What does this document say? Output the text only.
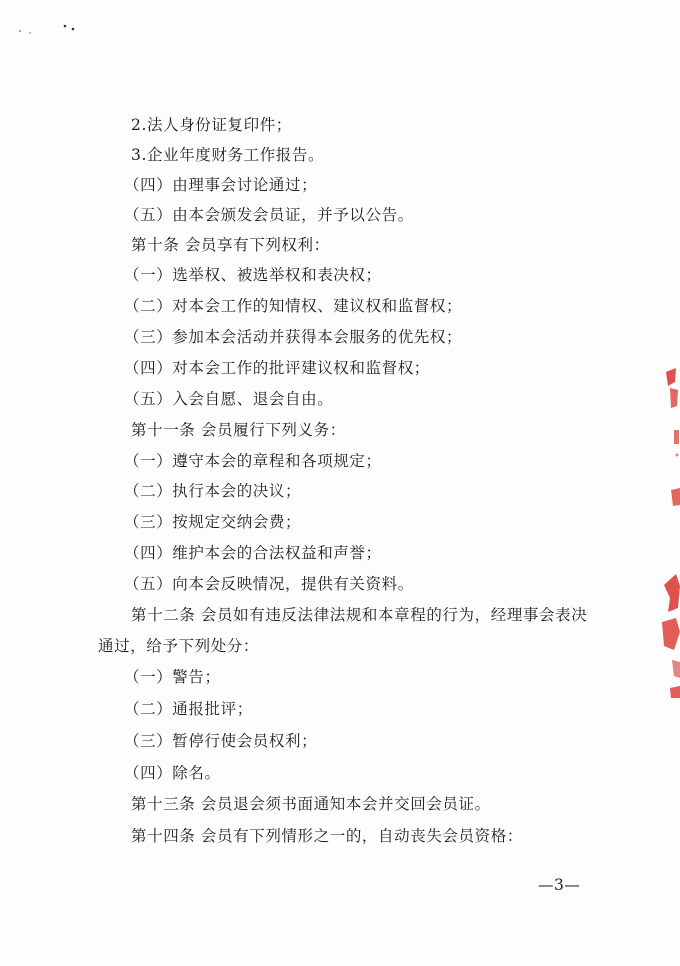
2.法人身份证复印件；
3.企业年度财务工作报告。
（四）由理事会讨论通过；
（五）由本会颁发会员证，并予以公告。
第十条 会员享有下列权利：
（一）选举权、被选举权和表决权；
（二）对本会工作的知情权、建议权和监督权；
（三）参加本会活动并获得本会服务的优先权；
（四）对本会工作的批评建议权和监督权；
（五）入会自愿、退会自由。
第十一条 会员履行下列义务：
（一）遵守本会的章程和各项规定；
（二）执行本会的决议；
（三）按规定交纳会费；
（四）维护本会的合法权益和声誉；
（五）向本会反映情况，提供有关资料。
第十二条 会员如有违反法律法规和本章程的行为，经理事会表决
通过，给予下列处分：
（一）警告；
（二）通报批评；
（三）暂停行使会员权利；
（四）除名。
第十三条 会员退会须书面通知本会并交回会员证。
第十四条 会员有下列情形之一的，自动丧失会员资格：
—3—
